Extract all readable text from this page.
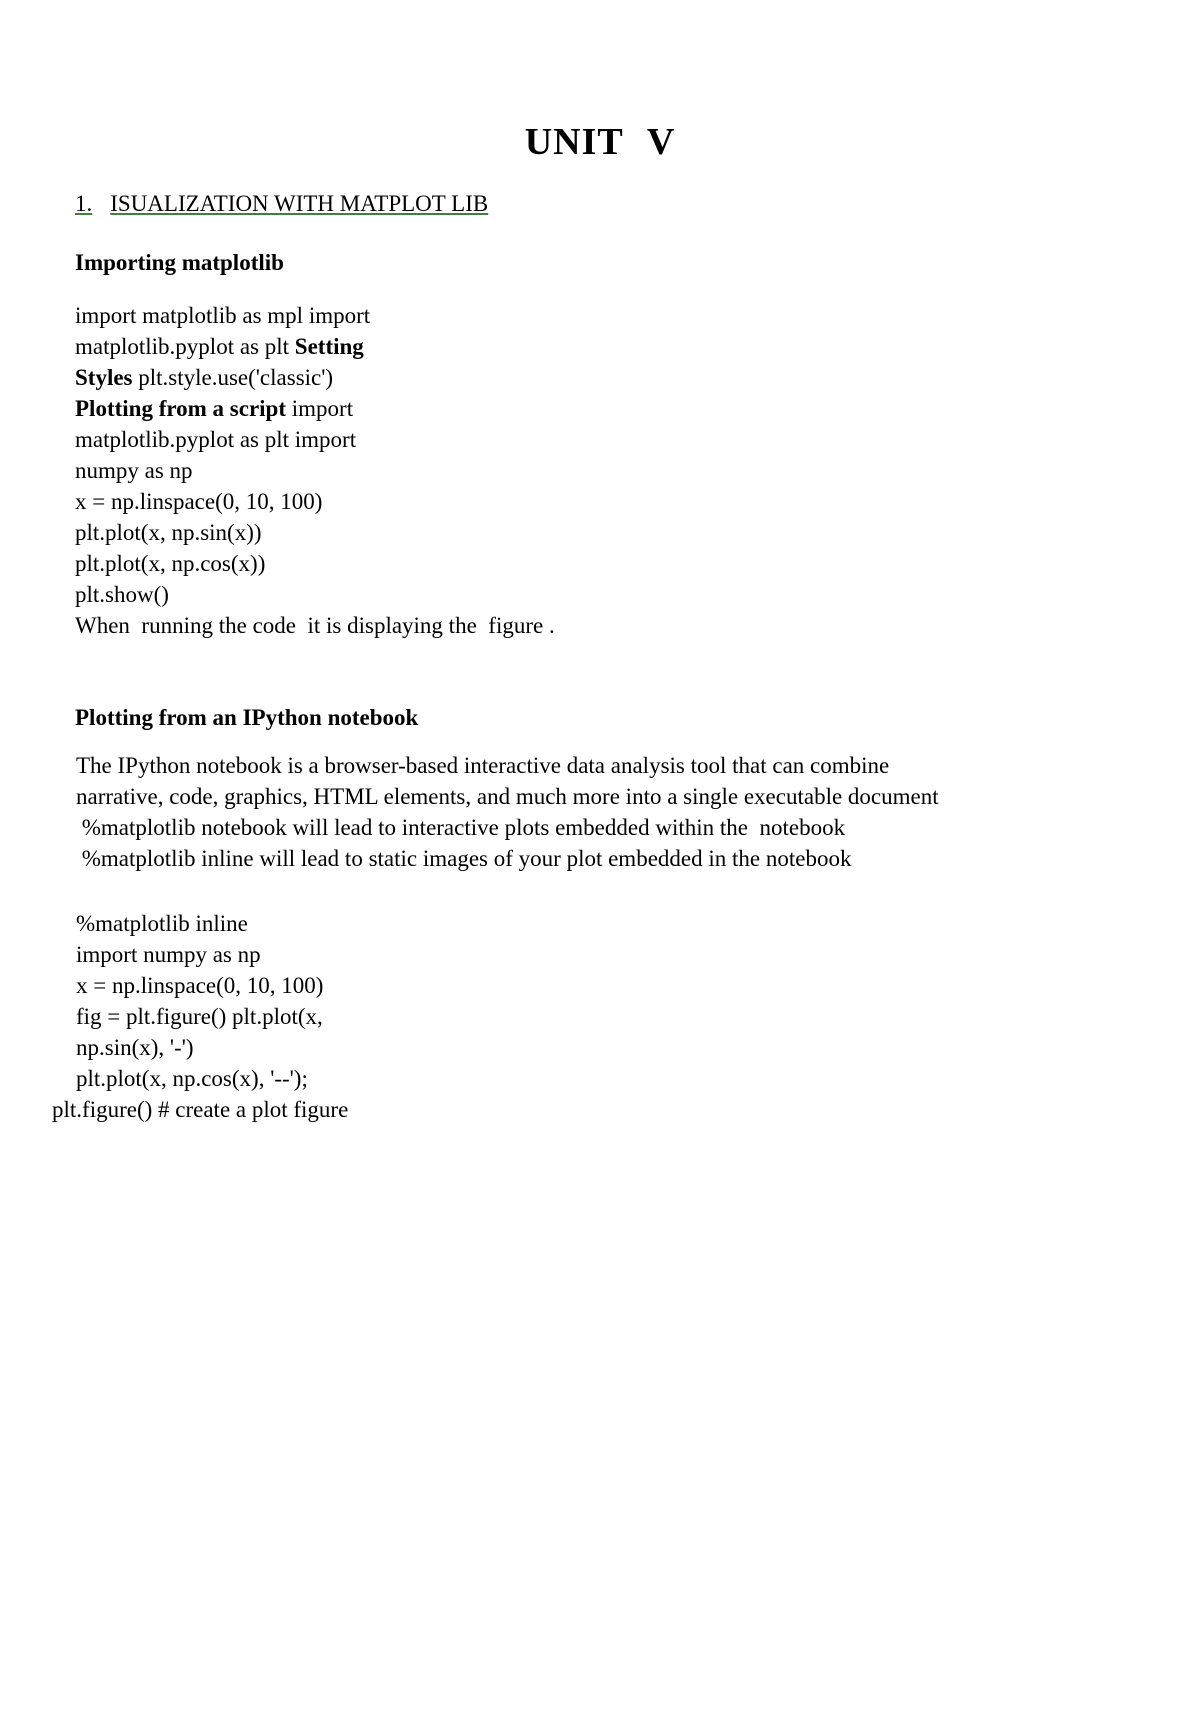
UNIT V
1. ISUALIZATION WITH MATPLOT LIB
Importing matplotlib
import matplotlib as mpl import
matplotlib.pyplot as plt Setting
Styles plt.style.use('classic')
Plotting from a script import
matplotlib.pyplot as plt import
numpy as np
x = np.linspace(0, 10, 100)
plt.plot(x, np.sin(x))
plt.plot(x, np.cos(x))
plt.show()
When  running the code  it is displaying the  figure .
Plotting from an IPython notebook
The IPython notebook is a browser-based interactive data analysis tool that can combine
narrative, code, graphics, HTML elements, and much more into a single executable document
%matplotlib notebook will lead to interactive plots embedded within the  notebook
%matplotlib inline will lead to static images of your plot embedded in the notebook
%matplotlib inline
import numpy as np
x = np.linspace(0, 10, 100)
fig = plt.figure() plt.plot(x,
np.sin(x), '-')
plt.plot(x, np.cos(x), '--');
plt.figure() # create a plot figure
